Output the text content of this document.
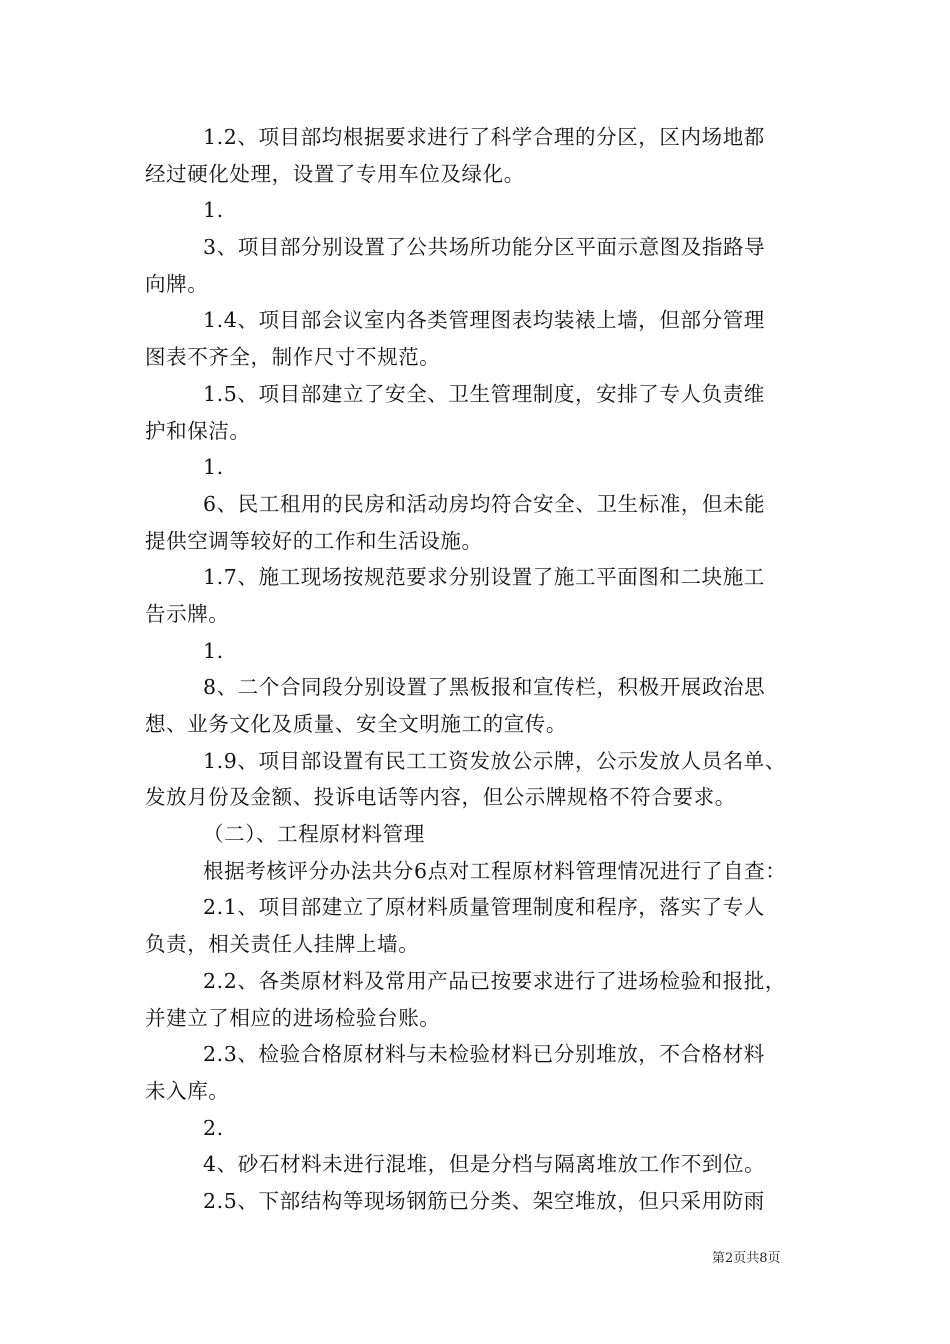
1.2、项目部均根据要求进行了科学合理的分区，区内场地都
经过硬化处理，设置了专用车位及绿化。
1.
3、项目部分别设置了公共场所功能分区平面示意图及指路导
向牌。
1.4、项目部会议室内各类管理图表均装裱上墙，但部分管理
图表不齐全，制作尺寸不规范。
1.5、项目部建立了安全、卫生管理制度，安排了专人负责维
护和保洁。
1.
6、民工租用的民房和活动房均符合安全、卫生标准，但未能
提供空调等较好的工作和生活设施。
1.7、施工现场按规范要求分别设置了施工平面图和二块施工
告示牌。
1.
8、二个合同段分别设置了黑板报和宣传栏，积极开展政治思
想、业务文化及质量、安全文明施工的宣传。
1.9、项目部设置有民工工资发放公示牌，公示发放人员名单、
发放月份及金额、投诉电话等内容，但公示牌规格不符合要求。
（二）、工程原材料管理
根据考核评分办法共分6点对工程原材料管理情况进行了自查：
2.1、项目部建立了原材料质量管理制度和程序，落实了专人
负责，相关责任人挂牌上墙。
2.2、各类原材料及常用产品已按要求进行了进场检验和报批，
并建立了相应的进场检验台账。
2.3、检验合格原材料与未检验材料已分别堆放，不合格材料
未入库。
2.
4、砂石材料未进行混堆，但是分档与隔离堆放工作不到位。
2.5、下部结构等现场钢筋已分类、架空堆放，但只采用防雨
第2页共8页
